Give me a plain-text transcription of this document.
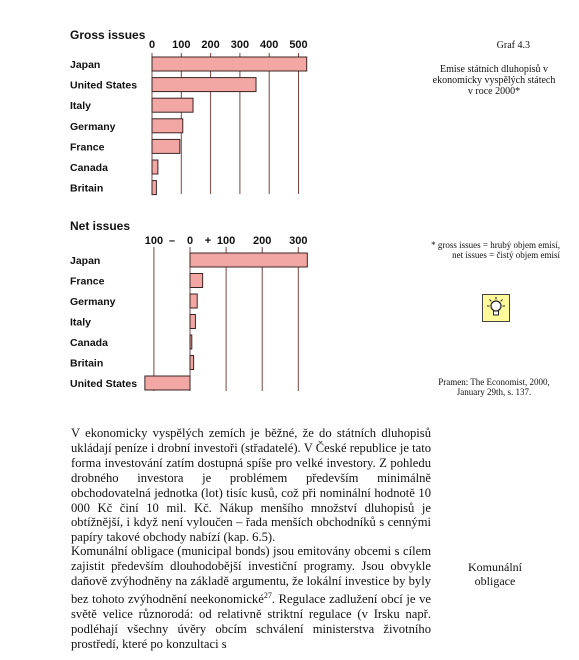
Gross issues
0 100 200 300 400 500
Japan
United States
Italy
Germany
France
Canada
Britain
Net issues
100 0 100 200 300
–	+
Japan
France
Germany
Italy
Canada
Britain
United States
Graf 4.3
Emise státních dluhopisů v ekonomicky vyspělých státech v roce 2000*
* gross issues = hrubý objem emisí, net issues = čistý objem emisí
Pramen: The Economist, 2000, January 29th, s. 137.
Komunální obligace

V ekonomicky vyspělých zemích je běžné, že do státních dluhopisů ukládají peníze i drobní investoři (střadatelé). V České republice je tato forma investování zatím dostupná spíše pro velké investory. Z pohledu drobného investora je problémem především minimálně obchodovatelná jednotka (lot) tisíc kusů, což při nominální hodnotě 10 000 Kč činí 10 mil. Kč. Nákup menšího množství dluhopisů je obtížnější, i když není vyloučen – řada menších obchodníků s cennými papíry takové obchody nabízí (kap. 6.5).

Komunální obligace (municipal bonds) jsou emitovány obcemi s cílem zajistit především dlouhodobější investiční programy. Jsou obvykle daňově zvýhodněny na základě argumentu, že lokální investice by byly bez tohoto zvýhodnění neekonomické$^{27}$. Regulace zadlužení obcí je ve světě velice různorodá: od relativně striktní regulace (v Irsku např. podléhají všechny úvěry obcím schválení ministerstva životního prostředí, které po konzultaci s
